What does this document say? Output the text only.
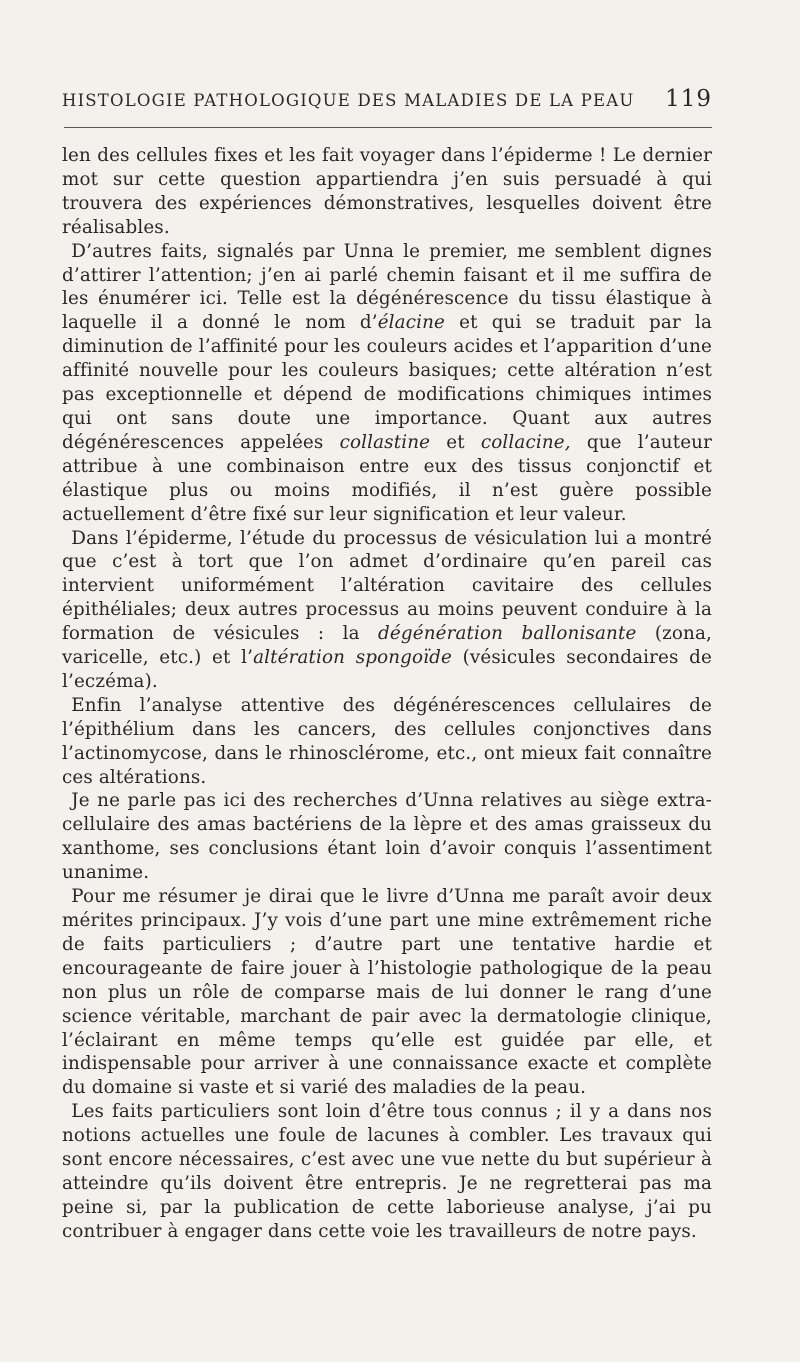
HISTOLOGIE PATHOLOGIQUE DES MALADIES DE LA PEAU 119

len des cellules fixes et les fait voyager dans l’épiderme ! Le dernier mot sur cette question appartiendra j’en suis persuadé à qui trouvera des expériences démonstratives, lesquelles doivent être réalisables.

 D’autres faits, signalés par Unna le premier, me semblent dignes d’attirer l’attention; j’en ai parlé chemin faisant et il me suffira de les énumérer ici. Telle est la dégénérescence du tissu élastique à laquelle il a donné le nom d’élacine et qui se traduit par la diminution de l’affinité pour les couleurs acides et l’apparition d’une affinité nouvelle pour les couleurs basiques; cette altération n’est pas exceptionnelle et dépend de modifications chimiques intimes qui ont sans doute une importance. Quant aux autres dégénérescences appelées collastine et collacine, que l’auteur attribue à une combinaison entre eux des tissus conjonctif et élastique plus ou moins modifiés, il n’est guère possible actuellement d’être fixé sur leur signification et leur valeur.

 Dans l’épiderme, l’étude du processus de vésiculation lui a montré que c’est à tort que l’on admet d’ordinaire qu’en pareil cas intervient uniformément l’altération cavitaire des cellules épithéliales; deux autres processus au moins peuvent conduire à la formation de vésicules : la dégénération ballonisante (zona, varicelle, etc.) et l’altération spongoïde (vésicules secondaires de l’eczéma).

 Enfin l’analyse attentive des dégénérescences cellulaires de l’épithélium dans les cancers, des cellules conjonctives dans l’actinomycose, dans le rhinosclérome, etc., ont mieux fait connaître ces altérations.

 Je ne parle pas ici des recherches d’Unna relatives au siège extra-cellulaire des amas bactériens de la lèpre et des amas graisseux du xanthome, ses conclusions étant loin d’avoir conquis l’assentiment unanime.

 Pour me résumer je dirai que le livre d’Unna me paraît avoir deux mérites principaux. J’y vois d’une part une mine extrêmement riche de faits particuliers ; d’autre part une tentative hardie et encourageante de faire jouer à l’histologie pathologique de la peau non plus un rôle de comparse mais de lui donner le rang d’une science véritable, marchant de pair avec la dermatologie clinique, l’éclairant en même temps qu’elle est guidée par elle, et indispensable pour arriver à une connaissance exacte et complète du domaine si vaste et si varié des maladies de la peau.

 Les faits particuliers sont loin d’être tous connus ; il y a dans nos notions actuelles une foule de lacunes à combler. Les travaux qui sont encore nécessaires, c’est avec une vue nette du but supérieur à atteindre qu’ils doivent être entrepris. Je ne regretterai pas ma peine si, par la publication de cette laborieuse analyse, j’ai pu contribuer à engager dans cette voie les travailleurs de notre pays.
